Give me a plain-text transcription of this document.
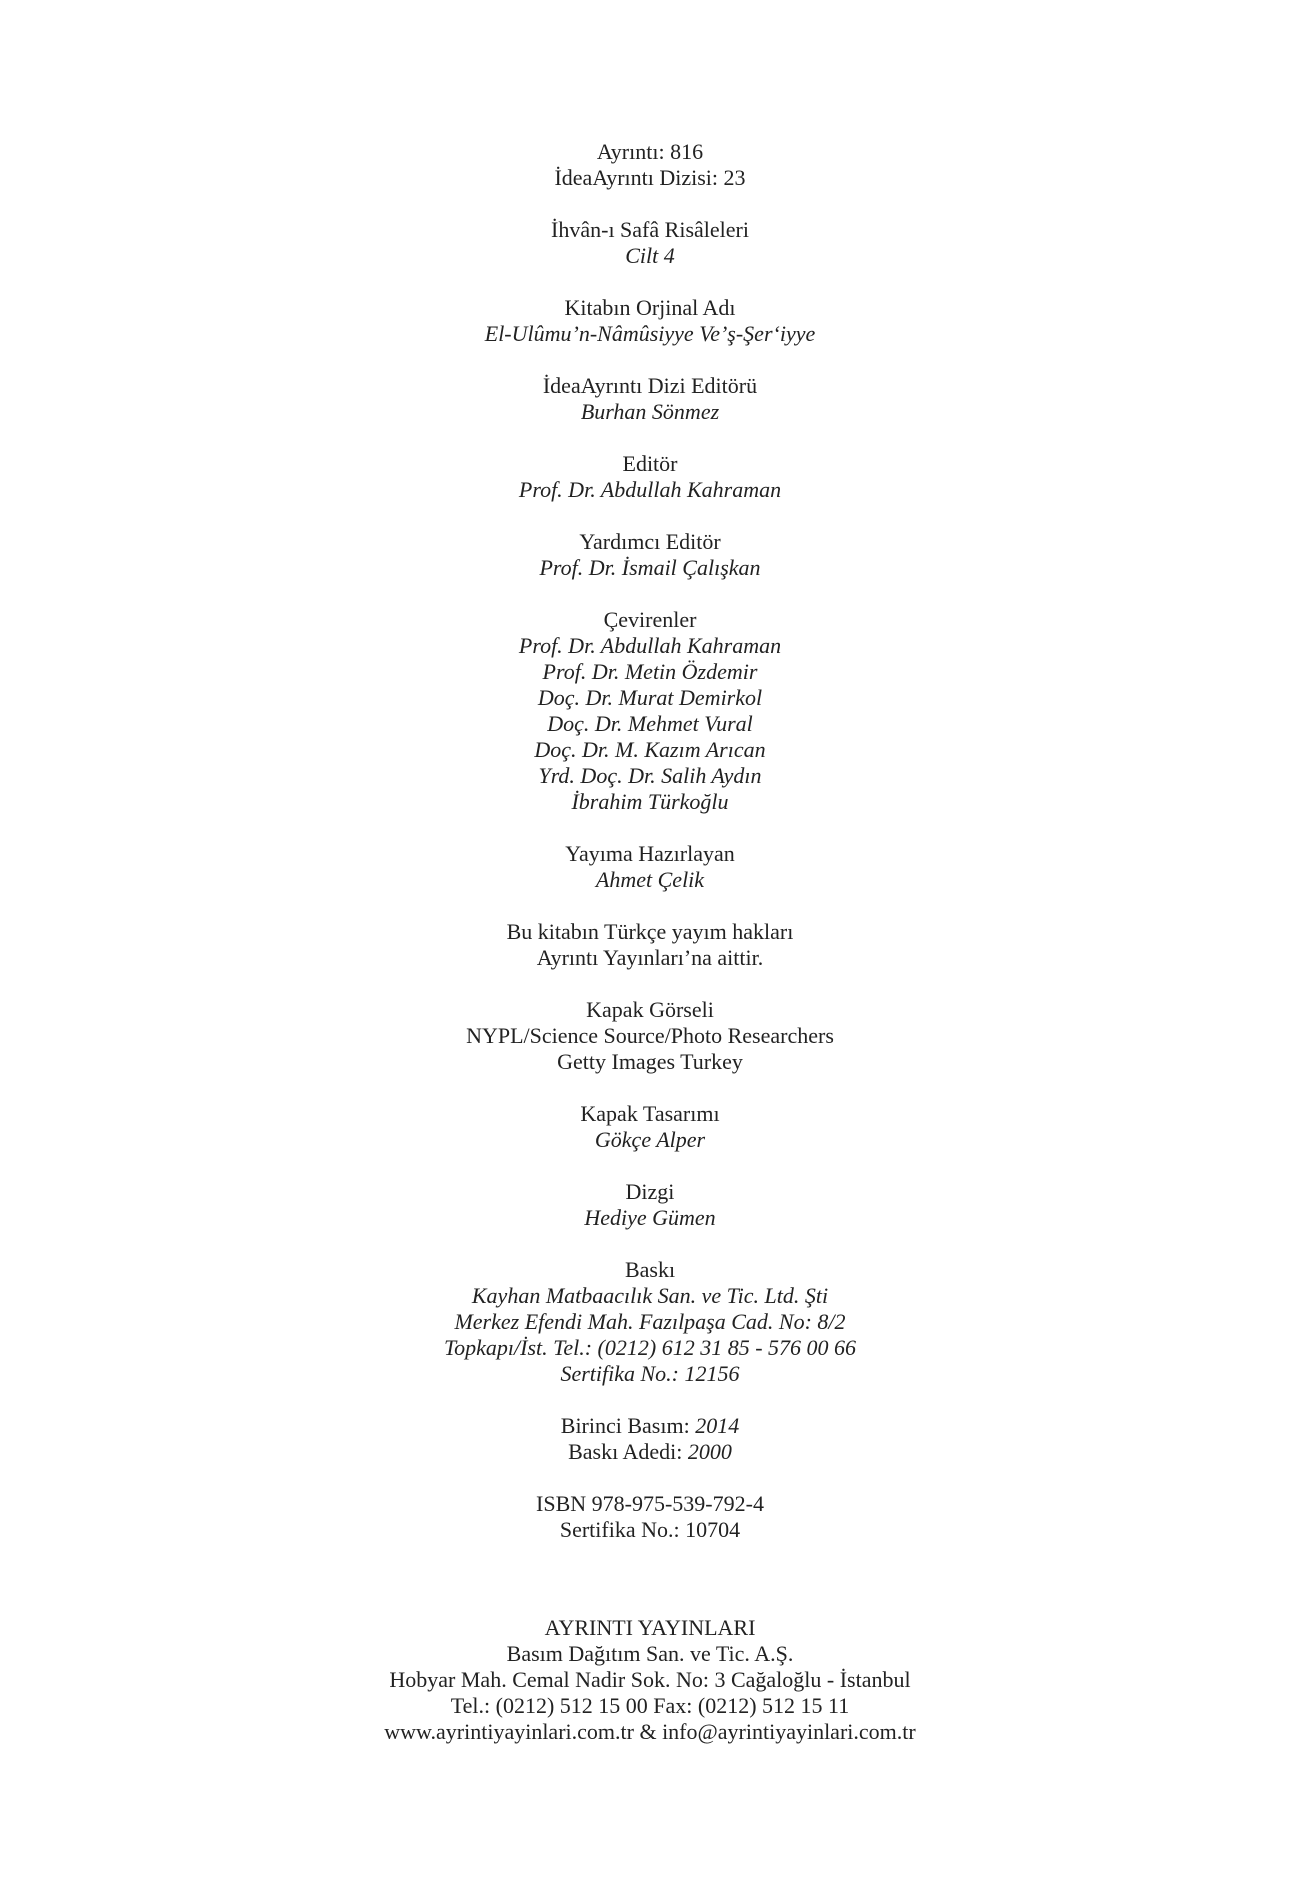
Ayrıntı: 816
İdeaAyrıntı Dizisi: 23
İhvân-ı Safâ Risâleleri
Cilt 4
Kitabın Orjinal Adı
El-Ulûmu’n-Nâmûsiyye Ve’ş-Şer‘iyye
İdeaAyrıntı Dizi Editörü
Burhan Sönmez
Editör
Prof. Dr. Abdullah Kahraman
Yardımcı Editör
Prof. Dr. İsmail Çalışkan
Çevirenler
Prof. Dr. Abdullah Kahraman
Prof. Dr. Metin Özdemir
Doç. Dr. Murat Demirkol
Doç. Dr. Mehmet Vural
Doç. Dr. M. Kazım Arıcan
Yrd. Doç. Dr. Salih Aydın
İbrahim Türkoğlu
Yayıma Hazırlayan
Ahmet Çelik
Bu kitabın Türkçe yayım hakları
Ayrıntı Yayınları’na aittir.
Kapak Görseli
NYPL/Science Source/Photo Researchers
Getty Images Turkey
Kapak Tasarımı
Gökçe Alper
Dizgi
Hediye Gümen
Baskı
Kayhan Matbaacılık San. ve Tic. Ltd. Şti
Merkez Efendi Mah. Fazılpaşa Cad. No: 8/2
Topkapı/İst. Tel.: (0212) 612 31 85 - 576 00 66
Sertifika No.: 12156
Birinci Basım: 2014
Baskı Adedi: 2000
ISBN 978-975-539-792-4
Sertifika No.: 10704
AYRINTI YAYINLARI
Basım Dağıtım San. ve Tic. A.Ş.
Hobyar Mah. Cemal Nadir Sok. No: 3 Cağaloğlu - İstanbul
Tel.: (0212) 512 15 00 Fax: (0212) 512 15 11
www.ayrintiyayinlari.com.tr & info@ayrintiyayinlari.com.tr
